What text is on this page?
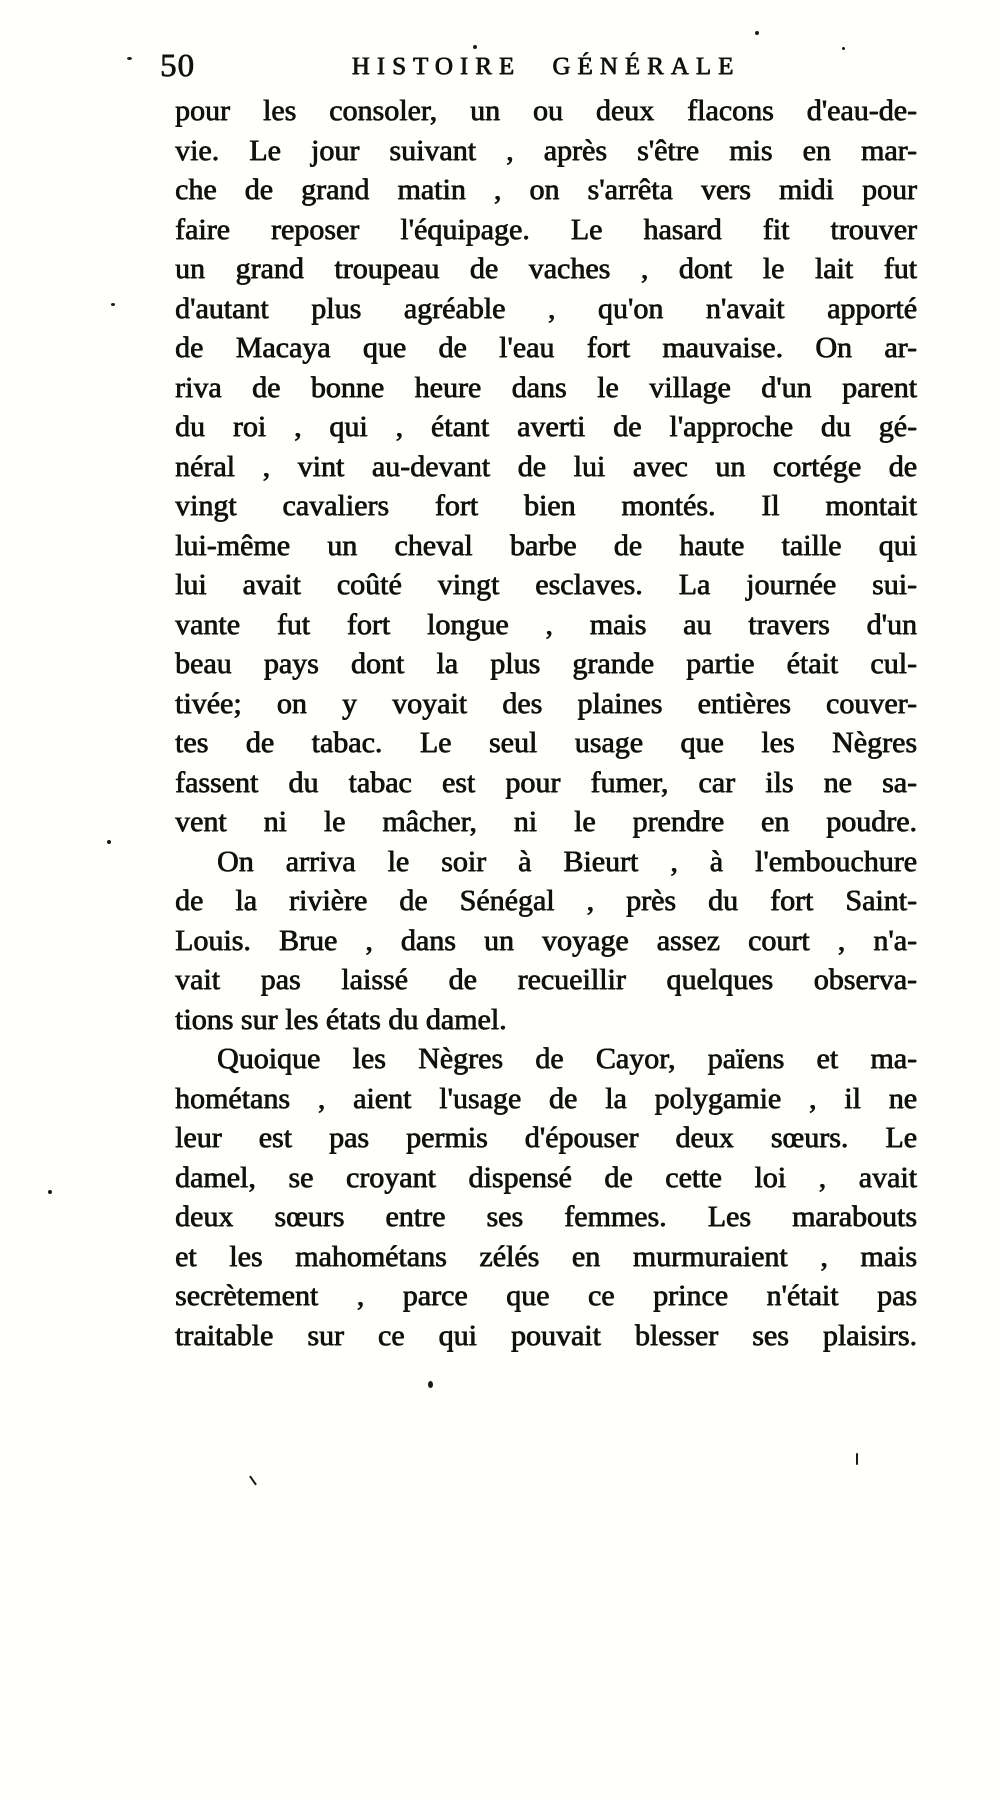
50	HISTOIRE GÉNÉRALE
pour les consoler, un ou deux flacons d'eau-de-
vie. Le jour suivant , après s'être mis en mar-
che de grand matin , on s'arrêta vers midi pour
faire reposer l'équipage. Le hasard fit trouver
un grand troupeau de vaches , dont le lait fut
d'autant plus agréable , qu'on n'avait apporté
de Macaya que de l'eau fort mauvaise. On ar-
riva de bonne heure dans le village d'un parent
du roi , qui , étant averti de l'approche du gé-
néral , vint au-devant de lui avec un cortége de
vingt cavaliers fort bien montés. Il montait
lui-même un cheval barbe de haute taille qui
lui avait coûté vingt esclaves. La journée sui-
vante fut fort longue , mais au travers d'un
beau pays dont la plus grande partie était cul-
tivée; on y voyait des plaines entières couver-
tes de tabac. Le seul usage que les Nègres
fassent du tabac est pour fumer, car ils ne sa-
vent ni le mâcher, ni le prendre en poudre.
On arriva le soir à Bieurt , à l'embouchure
de la rivière de Sénégal , près du fort Saint-
Louis. Brue , dans un voyage assez court , n'a-
vait pas laissé de recueillir quelques observa-
tions sur les états du damel.
Quoique les Nègres de Cayor, païens et ma-
hométans , aient l'usage de la polygamie , il ne
leur est pas permis d'épouser deux sœurs. Le
damel, se croyant dispensé de cette loi , avait
deux sœurs entre ses femmes. Les marabouts
et les mahométans zélés en murmuraient , mais
secrètement , parce que ce prince n'était pas
traitable sur ce qui pouvait blesser ses plaisirs.
